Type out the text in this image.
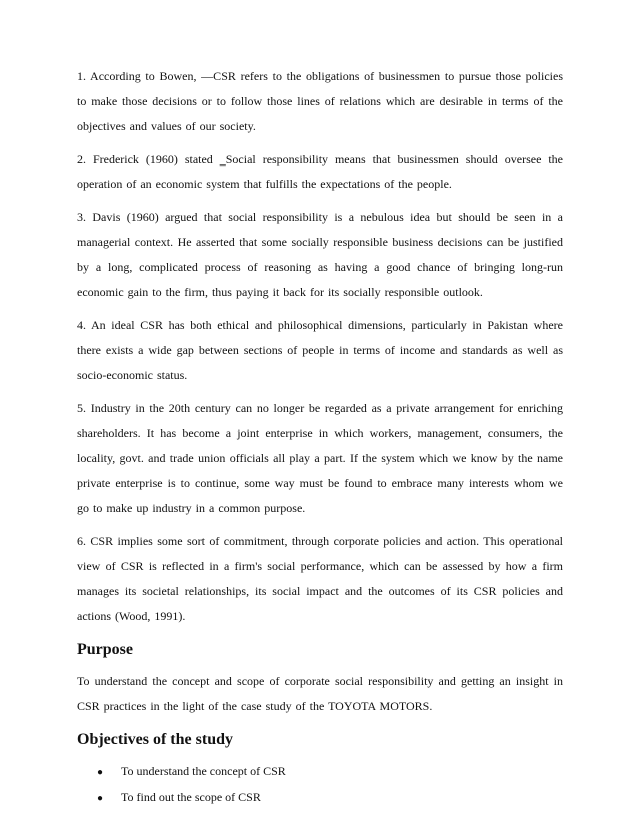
1. According to Bowen, ―CSR refers to the obligations of businessmen to pursue those policies to make those decisions or to follow those lines of relations which are desirable in terms of the objectives and values of our society.

2. Frederick (1960) stated ‗Social responsibility means that businessmen should oversee the operation of an economic system that fulfills the expectations of the people.

3. Davis (1960) argued that social responsibility is a nebulous idea but should be seen in a managerial context. He asserted that some socially responsible business decisions can be justified by a long, complicated process of reasoning as having a good chance of bringing long-run economic gain to the firm, thus paying it back for its socially responsible outlook.

4. An ideal CSR has both ethical and philosophical dimensions, particularly in Pakistan where there exists a wide gap between sections of people in terms of income and standards as well as socio-economic status.

5. Industry in the 20th century can no longer be regarded as a private arrangement for enriching shareholders. It has become a joint enterprise in which workers, management, consumers, the locality, govt. and trade union officials all play a part. If the system which we know by the name private enterprise is to continue, some way must be found to embrace many interests whom we go to make up industry in a common purpose.

6. CSR implies some sort of commitment, through corporate policies and action. This operational view of CSR is reflected in a firm's social performance, which can be assessed by how a firm manages its societal relationships, its social impact and the outcomes of its CSR policies and actions (Wood, 1991).

Purpose

To understand the concept and scope of corporate social responsibility and getting an insight in CSR practices in the light of the case study of the TOYOTA MOTORS.

Objectives of the study
●	To understand the concept of CSR
●	To find out the scope of CSR
